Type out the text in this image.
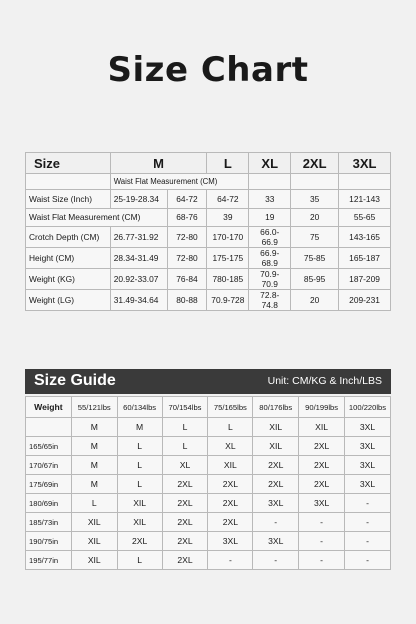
Size Chart
Size	M		L	XL	2XL	3XL
	Waist Flat Measurement (CM)					
Waist Size (Inch)	25-19-28.34	64-72	64-72	33	35	121-143
Waist Flat Measurement (CM)		68-76	39	19	20	55-65
Crotch Depth (CM)	26.77-31.92	72-80	170-170	66.0-66.9	75	143-165
Height (CM)	28.34-31.49	72-80	175-175	66.9-68.9	75-85	165-187
Weight (KG)	20.92-33.07	76-84	780-185	70.9-70.9	85-95	187-209
Weight (LG)	31.49-34.64	80-88	70.9-728	72.8-74.8	20	209-231
Size Guide	Unit: CM/KG & Inch/LBS
Weight	55/121lbs	60/134lbs	70/154lbs	75/165lbs	80/176lbs	90/199lbs	100/220lbs
	M	M	L	L	XIL	XIL	3XL
165/65in	M	L	L	XL	XIL	2XL	3XL
170/67in	M	L	XL	XIL	2XL	2XL	3XL
175/69in	M	L	2XL	2XL	2XL	2XL	3XL
180/69in	L	XIL	2XL	2XL	3XL	3XL	-
185/73in	XIL	XIL	2XL	2XL	-	-	-
190/75in	XIL	2XL	2XL	3XL	3XL	-	-
195/77in	XIL	L	2XL	-	-	-	-
